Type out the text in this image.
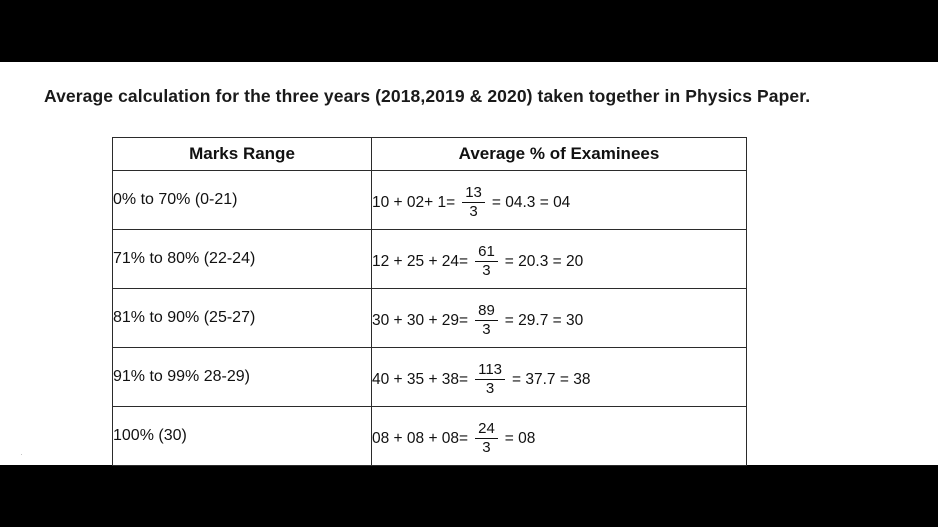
Average calculation for the three years (2018,2019 & 2020) taken together in Physics Paper.
Marks Range	Average % of Examinees
0% to 70% (0-21)	$10 + 02+ 1= \frac{13}{3} = 04.3 = 04$

71% to 80% (22-24)	$12 + 25 + 24= \frac{61}{3} = 20.3 = 20$

81% to 90% (25-27)	$30 + 30 + 29= \frac{89}{3} = 29.7 = 30$

91% to 99% 28-29)	$40 + 35 + 38= \frac{113}{3} = 37.7 = 38$

100% (30)	$08 + 08 + 08= \frac{24}{3} = 08$
·
